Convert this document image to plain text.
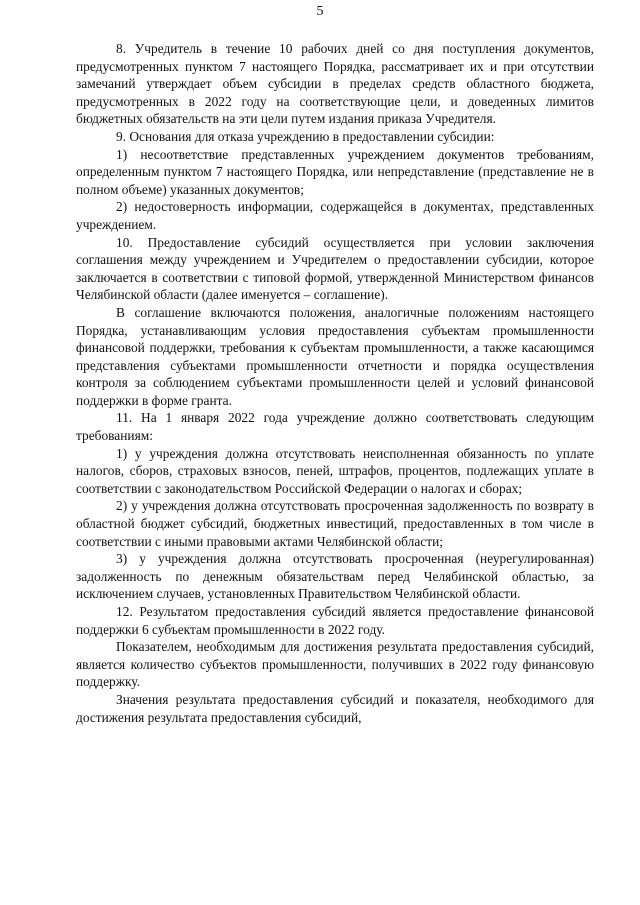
5

8. Учредитель в течение 10 рабочих дней со дня поступления документов, предусмотренных пунктом 7 настоящего Порядка, рассматривает их и при отсутствии замечаний утверждает объем субсидии в пределах средств областного бюджета, предусмотренных в 2022 году на соответствующие цели, и доведенных лимитов бюджетных обязательств на эти цели путем издания приказа Учредителя.

9. Основания для отказа учреждению в предоставлении субсидии:

1) несоответствие представленных учреждением документов требованиям, определенным пунктом 7 настоящего Порядка, или непредставление (представление не в полном объеме) указанных документов;

2) недостоверность информации, содержащейся в документах, представленных учреждением.

10. Предоставление субсидий осуществляется при условии заключения соглашения между учреждением и Учредителем о предоставлении субсидии, которое заключается в соответствии с типовой формой, утвержденной Министерством финансов Челябинской области (далее именуется – соглашение).

В соглашение включаются положения, аналогичные положениям настоящего Порядка, устанавливающим условия предоставления субъектам промышленности финансовой поддержки, требования к субъектам промышленности, а также касающимся представления субъектами промышленности отчетности и порядка осуществления контроля за соблюдением субъектами промышленности целей и условий финансовой поддержки в форме гранта.

11. На 1 января 2022 года учреждение должно соответствовать следующим требованиям:

1) у учреждения должна отсутствовать неисполненная обязанность по уплате налогов, сборов, страховых взносов, пеней, штрафов, процентов, подлежащих уплате в соответствии с законодательством Российской Федерации о налогах и сборах;

2) у учреждения должна отсутствовать просроченная задолженность по возврату в областной бюджет субсидий, бюджетных инвестиций, предоставленных в том числе в соответствии с иными правовыми актами Челябинской области;

3) у учреждения должна отсутствовать просроченная (неурегулированная) задолженность по денежным обязательствам перед Челябинской областью, за исключением случаев, установленных Правительством Челябинской области.

12. Результатом предоставления субсидий является предоставление финансовой поддержки 6 субъектам промышленности в 2022 году.

Показателем, необходимым для достижения результата предоставления субсидий, является количество субъектов промышленности, получивших в 2022 году финансовую поддержку.

Значения результата предоставления субсидий и показателя, необходимого для достижения результата предоставления субсидий,
